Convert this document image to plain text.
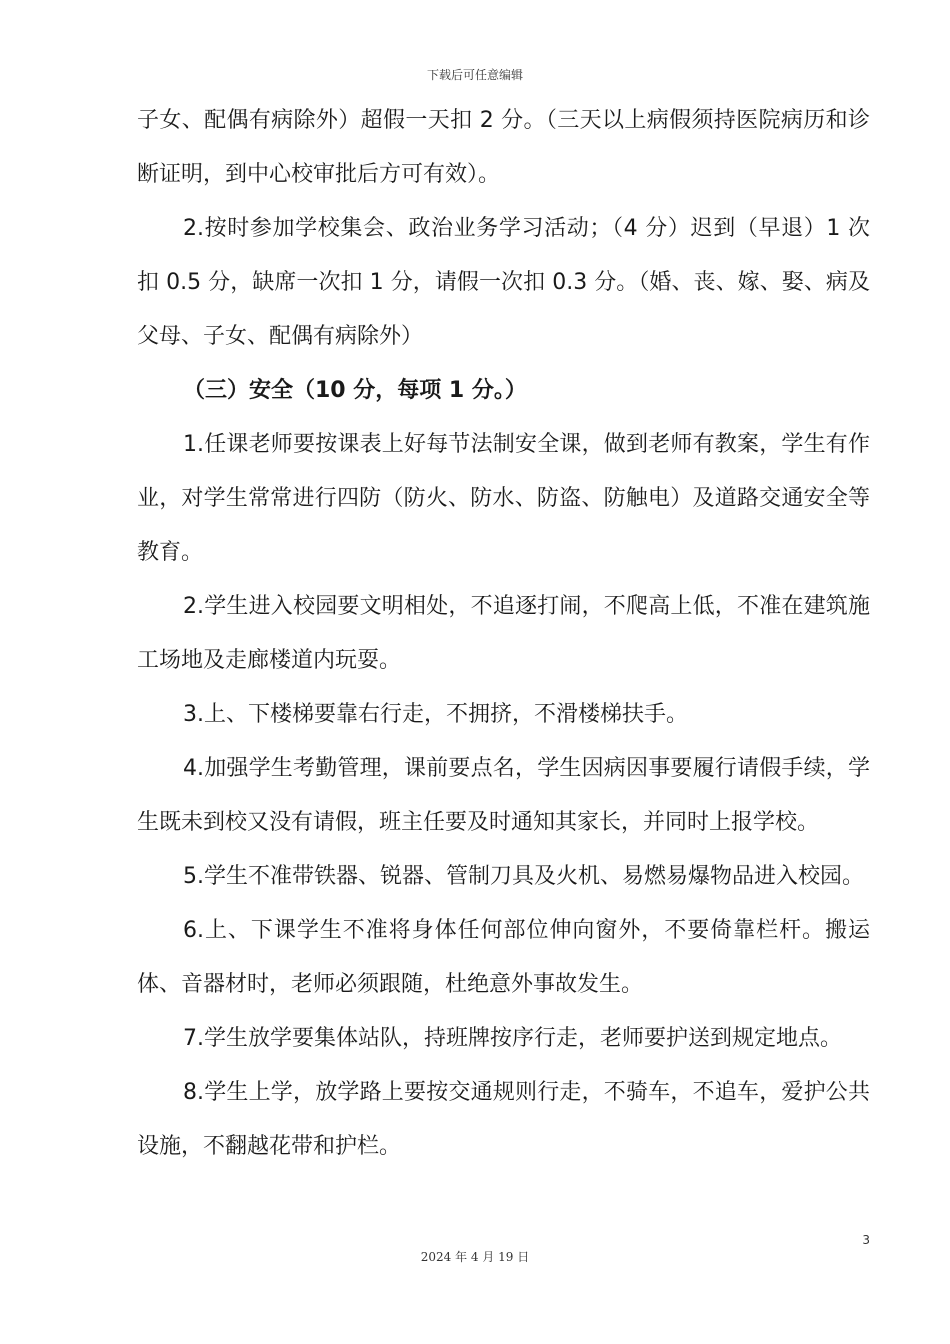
下载后可任意编辑

子女、配偶有病除外）超假一天扣 2 分。（三天以上病假须持医院病历和诊断证明，到中心校审批后方可有效）。

2.按时参加学校集会、政治业务学习活动；（4 分）迟到（早退）1 次扣 0.5 分，缺席一次扣 1 分，请假一次扣 0.3 分。（婚、丧、嫁、娶、病及父母、子女、配偶有病除外）

（三）安全（10 分，每项 1 分。）

1.任课老师要按课表上好每节法制安全课，做到老师有教案，学生有作业，对学生常常进行四防（防火、防水、防盗、防触电）及道路交通安全等教育。

2.学生进入校园要文明相处，不追逐打闹，不爬高上低，不准在建筑施工场地及走廊楼道内玩耍。

3.上、下楼梯要靠右行走，不拥挤，不滑楼梯扶手。

4.加强学生考勤管理，课前要点名，学生因病因事要履行请假手续，学生既未到校又没有请假，班主任要及时通知其家长，并同时上报学校。

5.学生不准带铁器、锐器、管制刀具及火机、易燃易爆物品进入校园。

6.上、下课学生不准将身体任何部位伸向窗外，不要倚靠栏杆。搬运体、音器材时，老师必须跟随，杜绝意外事故发生。

7.学生放学要集体站队，持班牌按序行走，老师要护送到规定地点。

8.学生上学，放学路上要按交通规则行走，不骑车，不追车，爱护公共设施，不翻越花带和护栏。

3
2024 年 4 月 19 日
